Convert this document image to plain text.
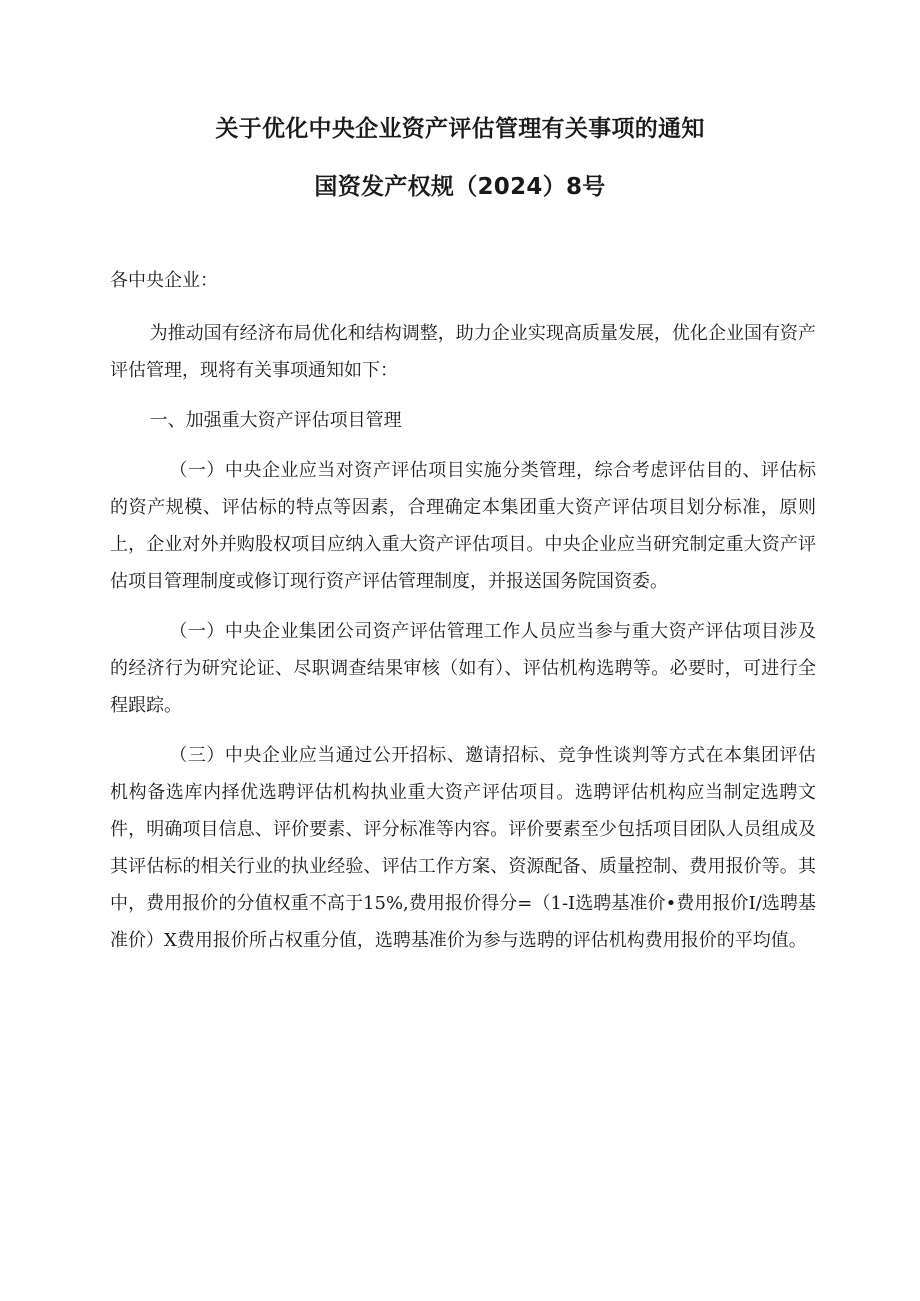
关于优化中央企业资产评估管理有关事项的通知
国资发产权规（2024）8号

各中央企业：

为推动国有经济布局优化和结构调整，助力企业实现高质量发展，优化企业国有资产评估管理，现将有关事项通知如下：

一、加强重大资产评估项目管理

（一）中央企业应当对资产评估项目实施分类管理，综合考虑评估目的、评估标的资产规模、评估标的特点等因素，合理确定本集团重大资产评估项目划分标准，原则上，企业对外并购股权项目应纳入重大资产评估项目。中央企业应当研究制定重大资产评估项目管理制度或修订现行资产评估管理制度，并报送国务院国资委。

（一）中央企业集团公司资产评估管理工作人员应当参与重大资产评估项目涉及的经济行为研究论证、尽职调查结果审核（如有）、评估机构选聘等。必要时，可进行全程跟踪。

（三）中央企业应当通过公开招标、邀请招标、竞争性谈判等方式在本集团评估机构备选库内择优选聘评估机构执业重大资产评估项目。选聘评估机构应当制定选聘文件，明确项目信息、评价要素、评分标准等内容。评价要素至少包括项目团队人员组成及其评估标的相关行业的执业经验、评估工作方案、资源配备、质量控制、费用报价等。其中，费用报价的分值权重不高于15%,费用报价得分=（1-I选聘基准价•费用报价I/选聘基准价）X费用报价所占权重分值，选聘基准价为参与选聘的评估机构费用报价的平均值。
